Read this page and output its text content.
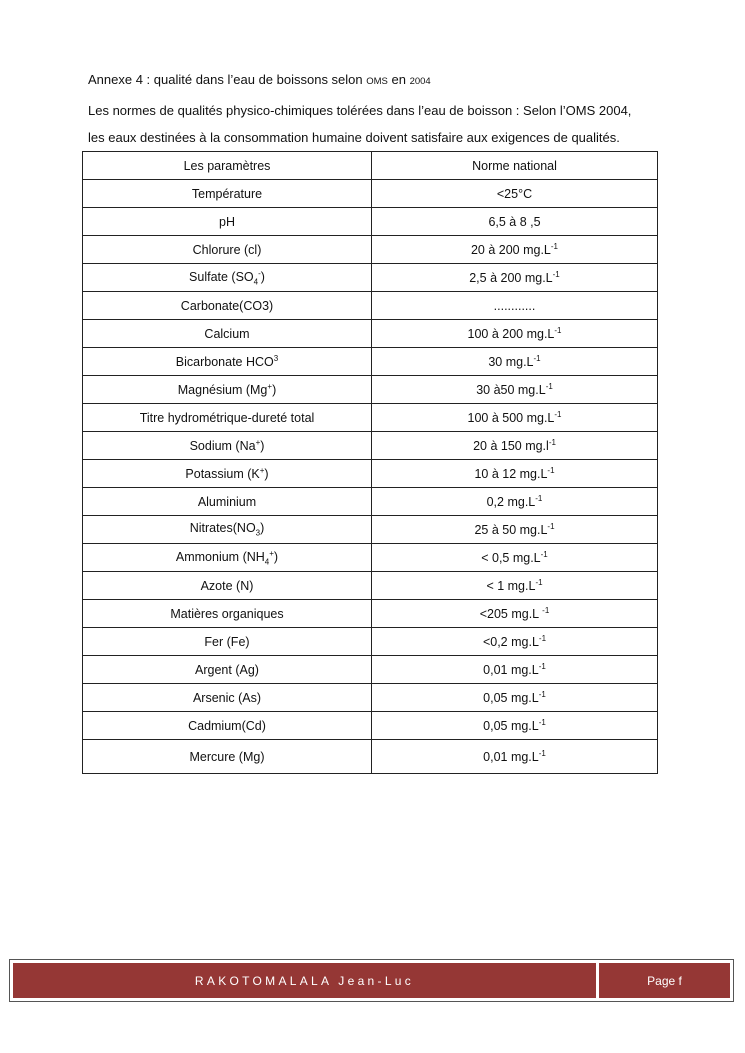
Annexe 4 : qualité dans l’eau de boissons selon OMS en 2004
Les normes de qualités physico-chimiques tolérées dans l’eau de boisson : Selon l’OMS 2004,
les eaux destinées à la consommation humaine doivent satisfaire aux exigences de qualités.
Les paramètres	Norme national
Température	<25°C
pH	6,5 à 8 ,5
Chlorure (cl)	20 à 200 $mg.L^{-1}$
Sulfate $(SO_4^-)$	2,5 à 200 $mg.L^{-1}$
Carbonate(CO3)	............
Calcium	100 à 200 $mg.L^{-1}$
Bicarbonate HCO$^3$	30 $mg.L^{-1}$
Magnésium (Mg+)	30 à50 $mg.L^{-1}$
Titre hydrométrique-dureté total	100 à 500 $mg.L^{-1}$
Sodium (Na+)	20 à 150 $mg.l^{-1}$
Potassium (K+)	10 à 12 $mg.L^{-1}$
Aluminium	0,2 $mg.L^{-1}$
$Nitrates(NO_3)$	25 à 50 $mg.L^{-1}$
Ammonium $(NH_4^+)$	< 0,5 $mg.L^{-1}$
Azote (N)	< 1 $mg.L^{-1}$
Matières organiques	<205 mg.L $^{-1}$
Fer (Fe)	<0,2 $mg.L^{-1}$
Argent (Ag)	0,01 $mg.L^{-1}$
Arsenic (As)	0,05 $mg.L^{-1}$
Cadmium(Cd)	0,05 $mg.L^{-1}$
Mercure (Mg)	0,01 $mg.L^{-1}$
RAKOTOMALALA Jean-Luc	Page f
